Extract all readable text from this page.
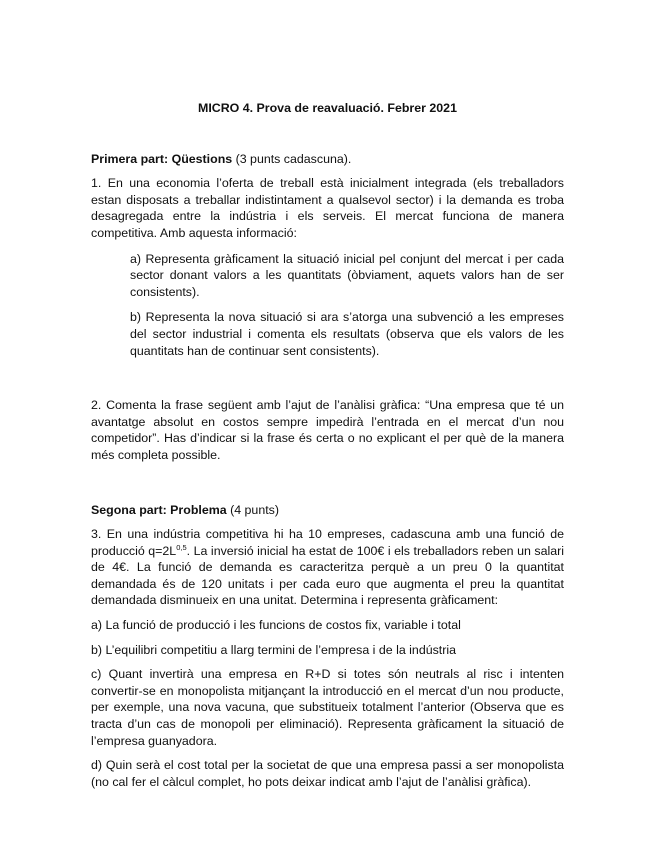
MICRO 4. Prova de reavaluació. Febrer 2021

Primera part: Qüestions (3 punts cadascuna).

1. En una economia l’oferta de treball està inicialment integrada (els treballadors estan disposats a treballar indistintament a qualsevol sector) i la demanda es troba desagregada entre la indústria i els serveis. El mercat funciona de manera competitiva. Amb aquesta informació:

a) Representa gràficament la situació inicial pel conjunt del mercat i per cada sector donant valors a les quantitats (òbviament, aquets valors han de ser consistents).

b) Representa la nova situació si ara s’atorga una subvenció a les empreses del sector industrial i comenta els resultats (observa que els valors de les quantitats han de continuar sent consistents).

2. Comenta la frase següent amb l’ajut de l’anàlisi gràfica: “Una empresa que té un avantatge absolut en costos sempre impedirà l’entrada en el mercat d’un nou competidor”. Has d’indicar si la frase és certa o no explicant el per què de la manera més completa possible.

Segona part: Problema (4 punts)

3. En una indústria competitiva hi ha 10 empreses, cadascuna amb una funció de producció $q=2L^{0,5}$. La inversió inicial ha estat de 100€ i els treballadors reben un salari de 4€. La funció de demanda es caracteritza perquè a un preu 0 la quantitat demandada és de 120 unitats i per cada euro que augmenta el preu la quantitat demandada disminueix en una unitat. Determina i representa gràficament:

a) La funció de producció i les funcions de costos fix, variable i total

b) L’equilibri competitiu a llarg termini de l’empresa i de la indústria

c) Quant invertirà una empresa en R+D si totes són neutrals al risc i intenten convertir-se en monopolista mitjançant la introducció en el mercat d’un nou producte, per exemple, una nova vacuna, que substitueix totalment l’anterior (Observa que es tracta d’un cas de monopoli per eliminació). Representa gràficament la situació de l’empresa guanyadora.

d) Quin serà el cost total per la societat de que una empresa passi a ser monopolista (no cal fer el càlcul complet, ho pots deixar indicat amb l’ajut de l’anàlisi gràfica).
